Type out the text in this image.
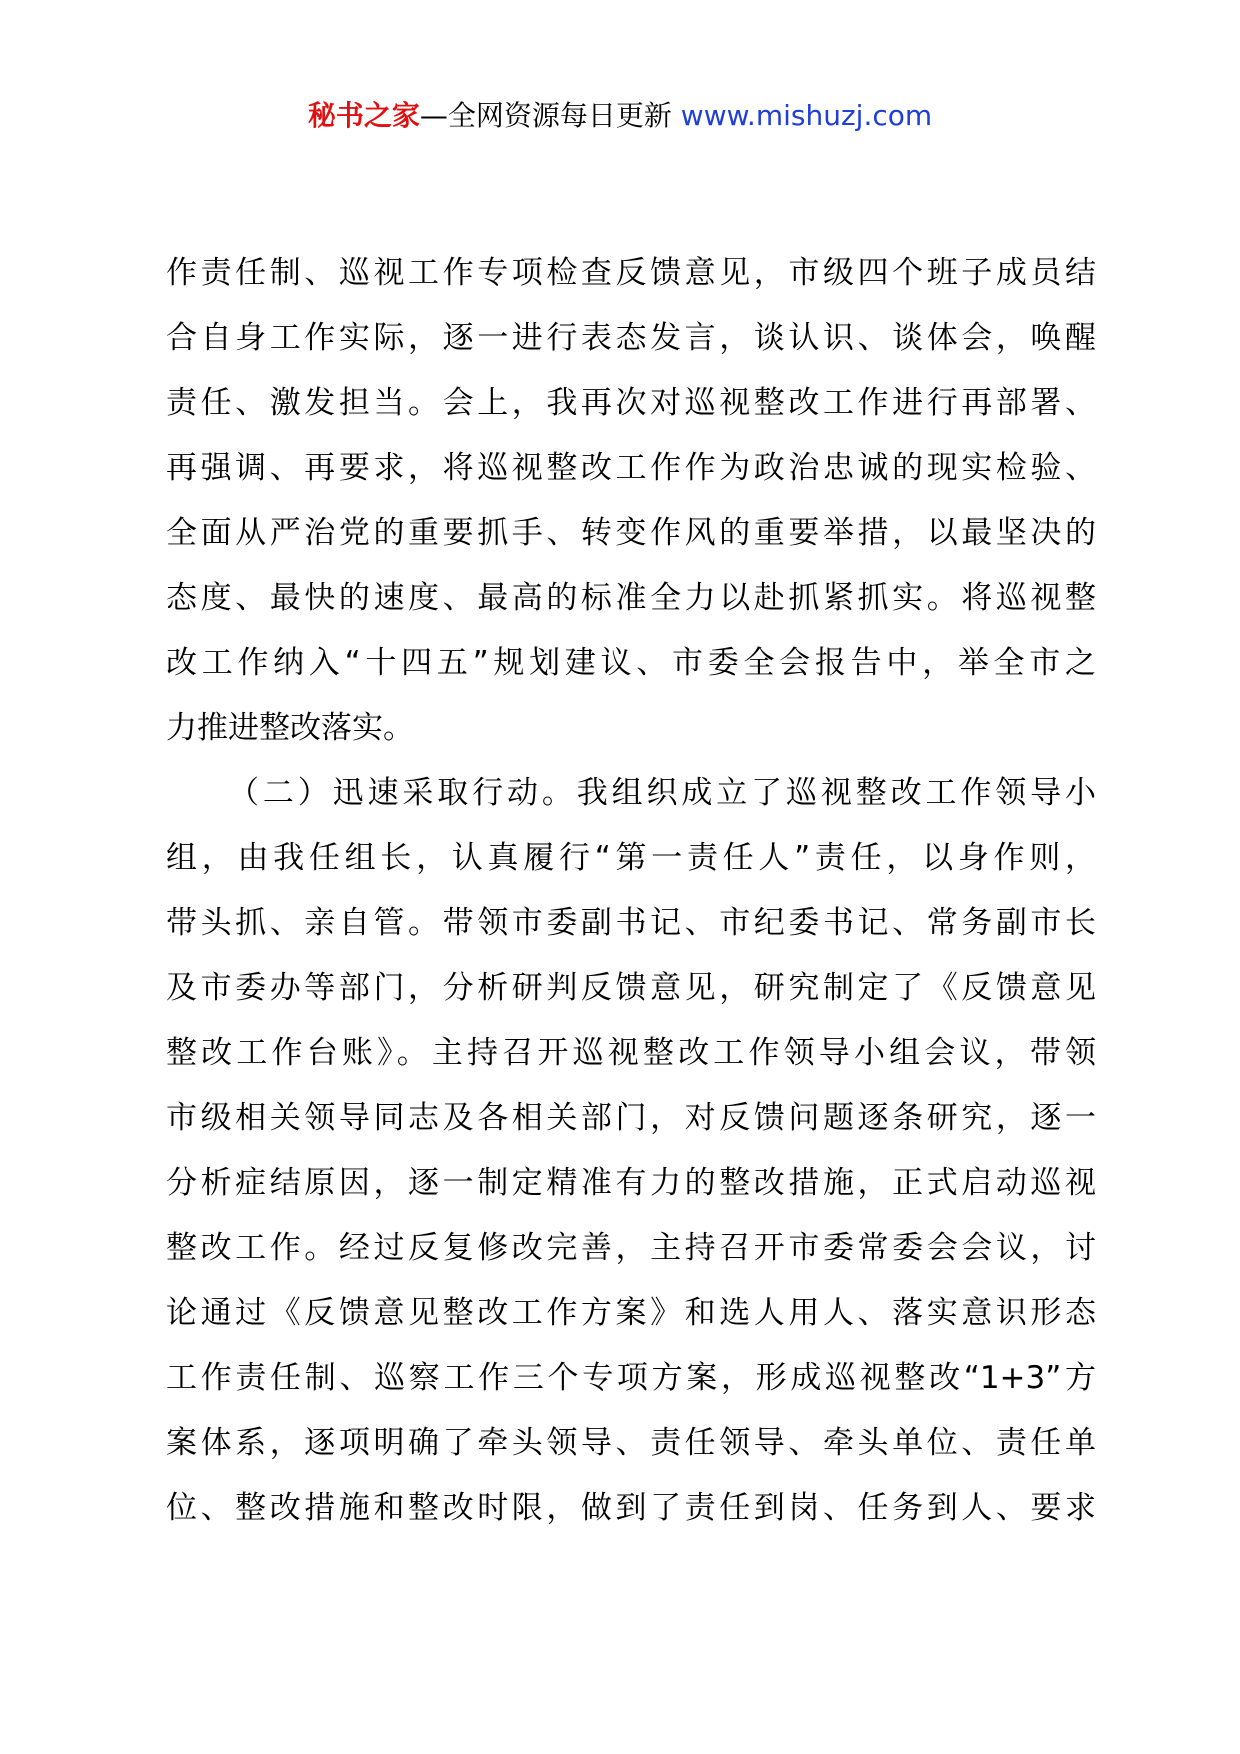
秘书之家—全网资源每日更新 www.mishuzj.com
作责任制、巡视工作专项检查反馈意见，市级四个班子成员结
合自身工作实际，逐一进行表态发言，谈认识、谈体会，唤醒
责任、激发担当。会上，我再次对巡视整改工作进行再部署、
再强调、再要求，将巡视整改工作作为政治忠诚的现实检验、
全面从严治党的重要抓手、转变作风的重要举措，以最坚决的
态度、最快的速度、最高的标准全力以赴抓紧抓实。将巡视整
改工作纳入“十四五”规划建议、市委全会报告中，举全市之
力推进整改落实。
（二）迅速采取行动。我组织成立了巡视整改工作领导小
组，由我任组长，认真履行“第一责任人”责任，以身作则，
带头抓、亲自管。带领市委副书记、市纪委书记、常务副市长
及市委办等部门，分析研判反馈意见，研究制定了《反馈意见
整改工作台账》。主持召开巡视整改工作领导小组会议，带领
市级相关领导同志及各相关部门，对反馈问题逐条研究，逐一
分析症结原因，逐一制定精准有力的整改措施，正式启动巡视
整改工作。经过反复修改完善，主持召开市委常委会会议，讨
论通过《反馈意见整改工作方案》和选人用人、落实意识形态
工作责任制、巡察工作三个专项方案，形成巡视整改“1+3”方
案体系，逐项明确了牵头领导、责任领导、牵头单位、责任单
位、整改措施和整改时限，做到了责任到岗、任务到人、要求
